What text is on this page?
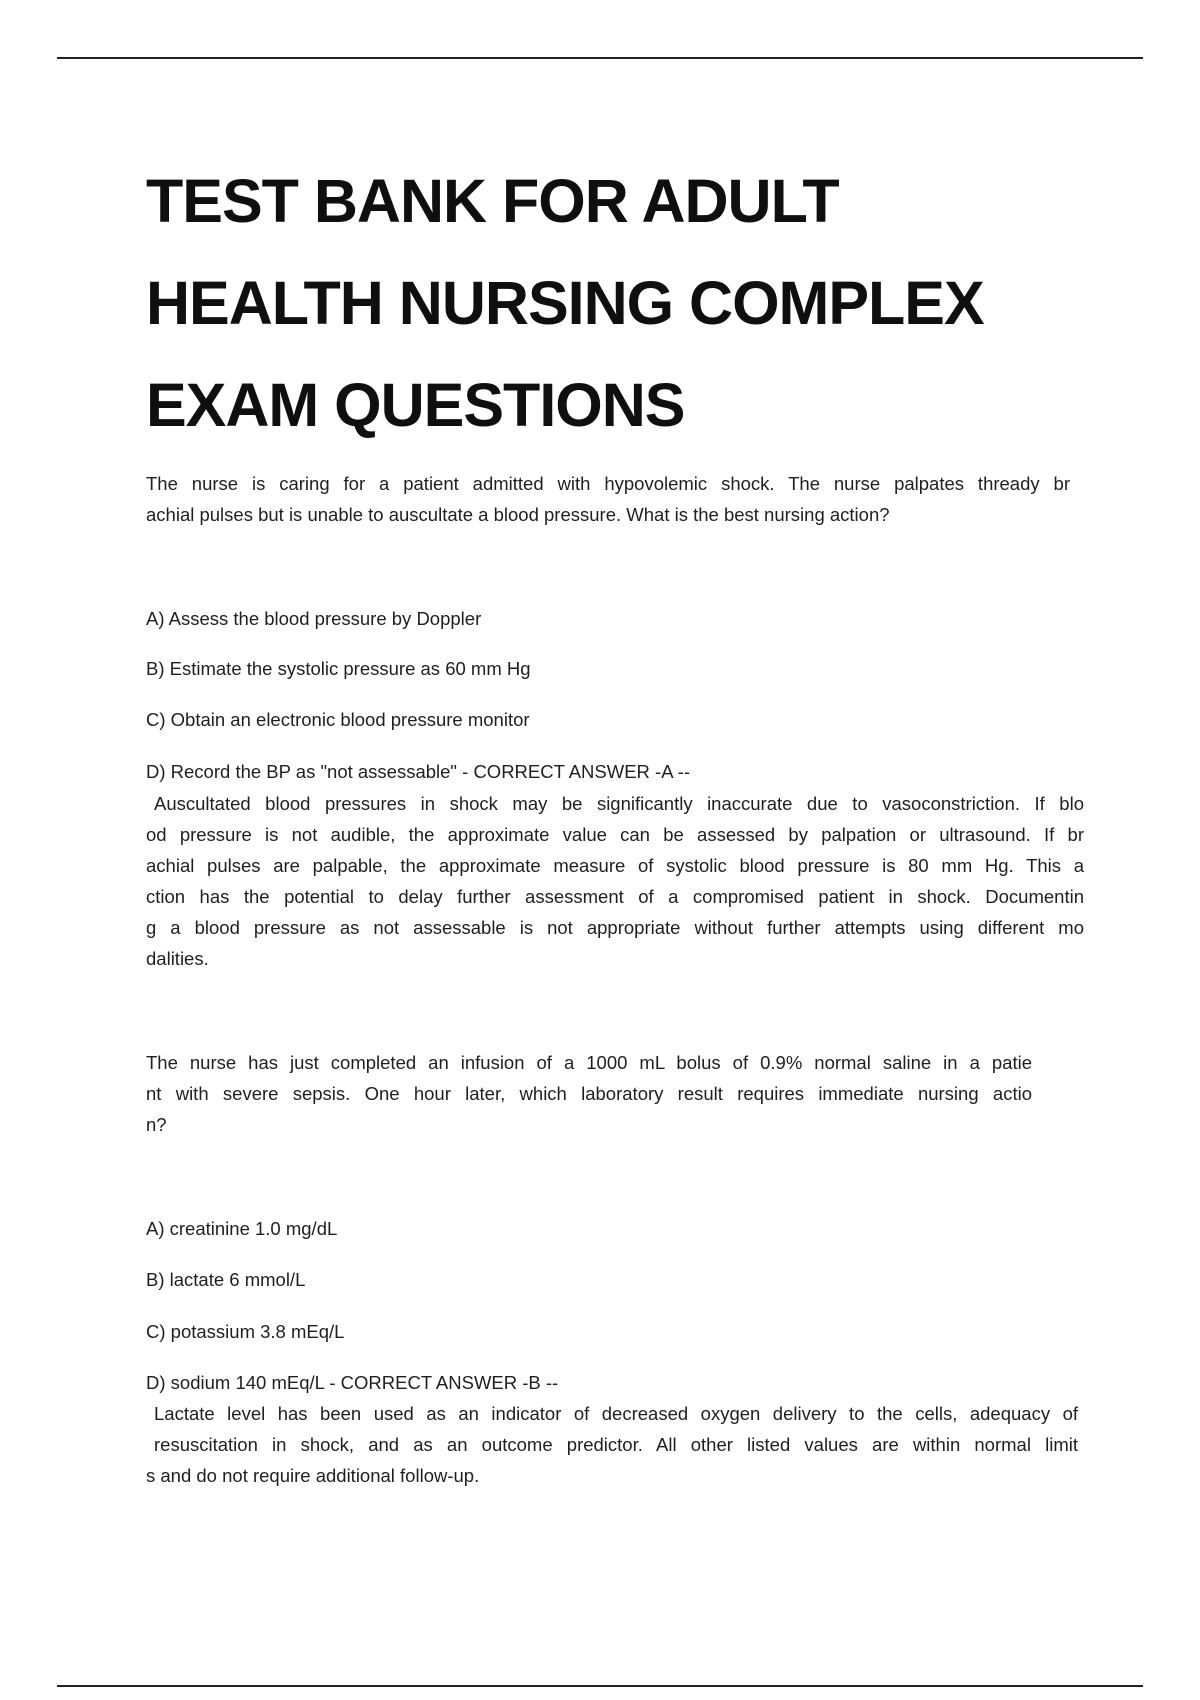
TEST BANK FOR ADULT
HEALTH NURSING COMPLEX
EXAM QUESTIONS
The nurse is caring for a patient admitted with hypovolemic shock. The nurse palpates thready br
achial pulses but is unable to auscultate a blood pressure. What is the best nursing action?
A) Assess the blood pressure by Doppler
B) Estimate the systolic pressure as 60 mm Hg
C) Obtain an electronic blood pressure monitor
D) Record the BP as "not assessable" - CORRECT ANSWER -A --
Auscultated blood pressures in shock may be significantly inaccurate due to vasoconstriction. If blo
od pressure is not audible, the approximate value can be assessed by palpation or ultrasound. If br
achial pulses are palpable, the approximate measure of systolic blood pressure is 80 mm Hg. This a
ction has the potential to delay further assessment of a compromised patient in shock. Documentin
g a blood pressure as not assessable is not appropriate without further attempts using different mo
dalities.
The nurse has just completed an infusion of a 1000 mL bolus of 0.9% normal saline in a patie
nt with severe sepsis. One hour later, which laboratory result requires immediate nursing actio
n?
A) creatinine 1.0 mg/dL
B) lactate 6 mmol/L
C) potassium 3.8 mEq/L
D) sodium 140 mEq/L - CORRECT ANSWER -B --
Lactate level has been used as an indicator of decreased oxygen delivery to the cells, adequacy of
resuscitation in shock, and as an outcome predictor. All other listed values are within normal limit
s and do not require additional follow-up.
